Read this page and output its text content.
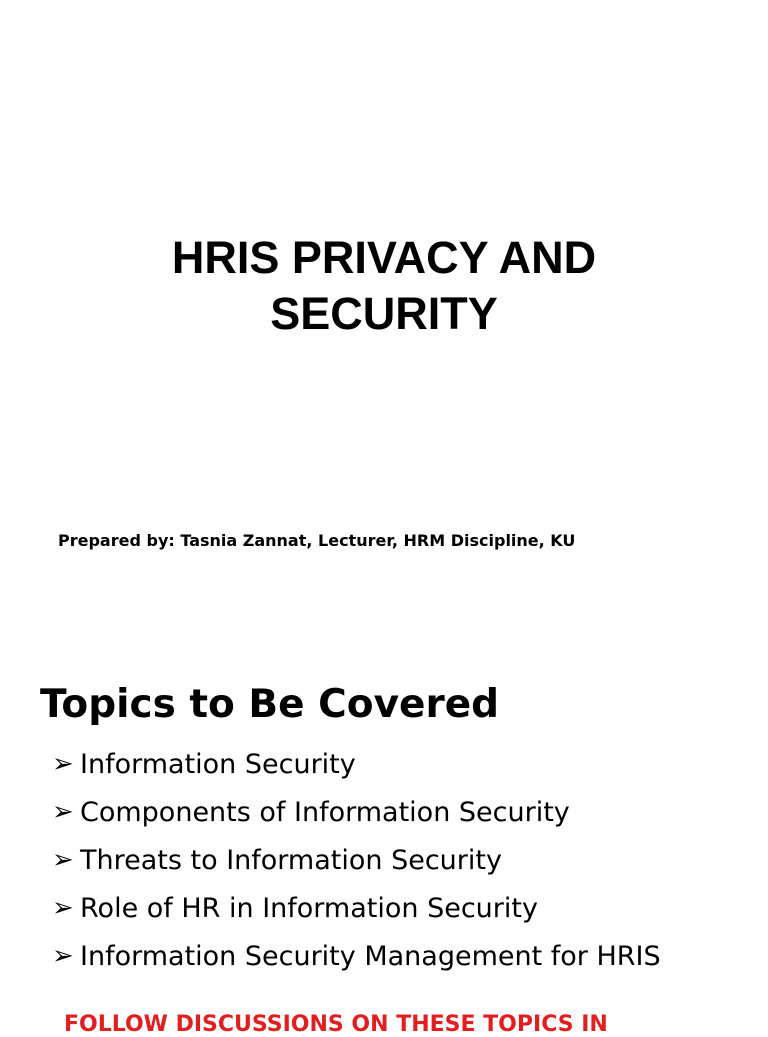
HRIS PRIVACY AND
SECURITY
Prepared by: Tasnia Zannat, Lecturer, HRM Discipline, KU
Topics to Be Covered
➢ Information Security
➢ Components of Information Security
➢ Threats to Information Security
➢ Role of HR in Information Security
➢ Information Security Management for HRIS
FOLLOW DISCUSSIONS ON THESE TOPICS IN
